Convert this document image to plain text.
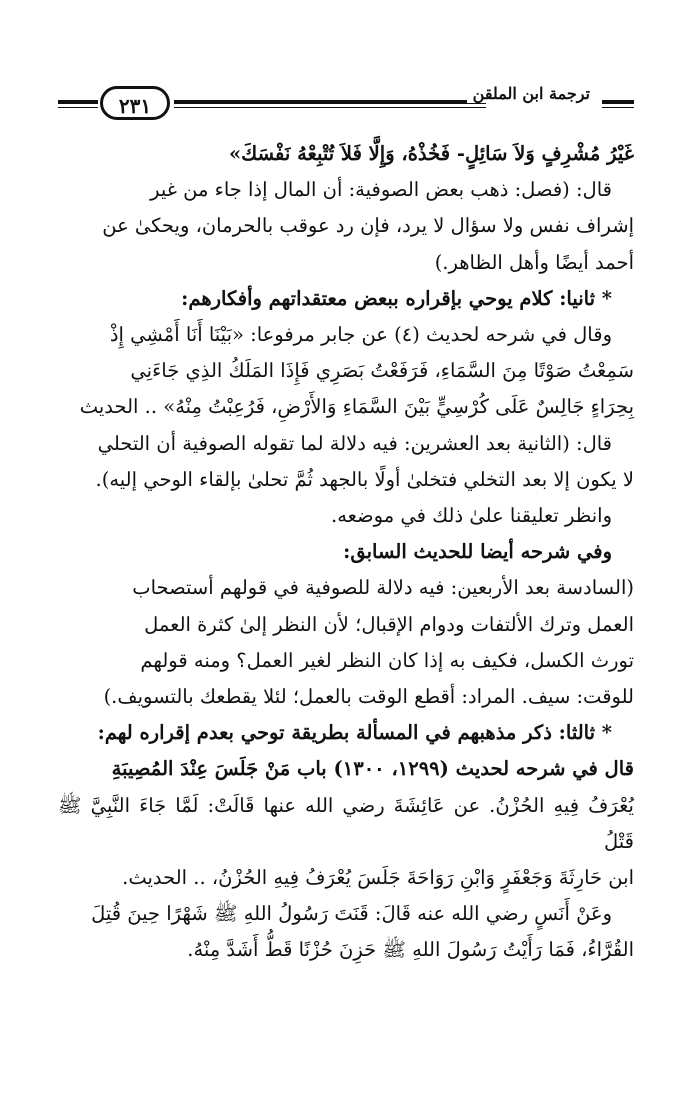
ترجمة ابن الملقن
٢٣١

غَيْرُ مُشْرِفٍ وَلاَ سَائِلٍ- فَخُذْهُ، وَإِلَّا فَلاَ تُتْبِعْهُ نَفْسَكَ»

قال: (فصل: ذهب بعض الصوفية: أن المال إذا جاء من غير

إشراف نفس ولا سؤال لا يرد، فإن رد عوقب بالحرمان، ويحكىٰ عن

أحمد أيضًا وأهل الظاهر.)

* ثانيا: كلام يوحي بإقراره ببعض معتقداتهم وأفكارهم:

وقال في شرحه لحديث (٤) عن جابر مرفوعا: «بَيْنَا أَنَا أَمْشِي إِذْ

سَمِعْتُ صَوْتًا مِنَ السَّمَاءِ، فَرَفَعْتُ بَصَرِي فَإِذَا المَلَكُ الذِي جَاءَنِي

بِحِرَاءٍ جَالِسٌ عَلَى كُرْسِيٍّ بَيْنَ السَّمَاءِ وَالأَرْضِ، فَرُعِبْتُ مِنْهُ» .. الحديث

قال: (الثانية بعد العشرين: فيه دلالة لما تقوله الصوفية أن التحلي

لا يكون إلا بعد التخلي فتخلىٰ أولًا بالجهد ثُمَّ تحلىٰ بإلقاء الوحي إليه).

وانظر تعليقنا علىٰ ذلك في موضعه.

وفي شرحه أيضا للحديث السابق:

(السادسة بعد الأربعين: فيه دلالة للصوفية في قولهم أستصحاب

العمل وترك الألتفات ودوام الإقبال؛ لأن النظر إلىٰ كثرة العمل

تورث الكسل، فكيف به إذا كان النظر لغير العمل؟ ومنه قولهم

للوقت: سيف. المراد: أقطع الوقت بالعمل؛ لئلا يقطعك بالتسويف.)

* ثالثا: ذكر مذهبهم في المسألة بطريقة توحي بعدم إقراره لهم:

قال في شرحه لحديث (١٢٩٩، ١٣٠٠) باب مَنْ جَلَسَ عِنْدَ المُصِيبَةِ

يُعْرَفُ فِيهِ الحُزْنُ. عن عَائِشَةَ رضي الله عنها قَالَتْ: لَمَّا جَاءَ النَّبِيَّ ﷺ قَتْلُ

ابن حَارِثَةَ وَجَعْفَرٍ وَابْنِ رَوَاحَةَ جَلَسَ يُعْرَفُ فِيهِ الحُزْنُ، .. الحديث.

وعَنْ أَنَسٍ رضي الله عنه قَالَ: قَنَتَ رَسُولُ اللهِ ﷺ شَهْرًا حِينَ قُتِلَ

القُرَّاءُ، فَمَا رَأَيْتُ رَسُولَ اللهِ ﷺ حَزِنَ حُزْنًا قَطُّ أَشَدَّ مِنْهُ.
